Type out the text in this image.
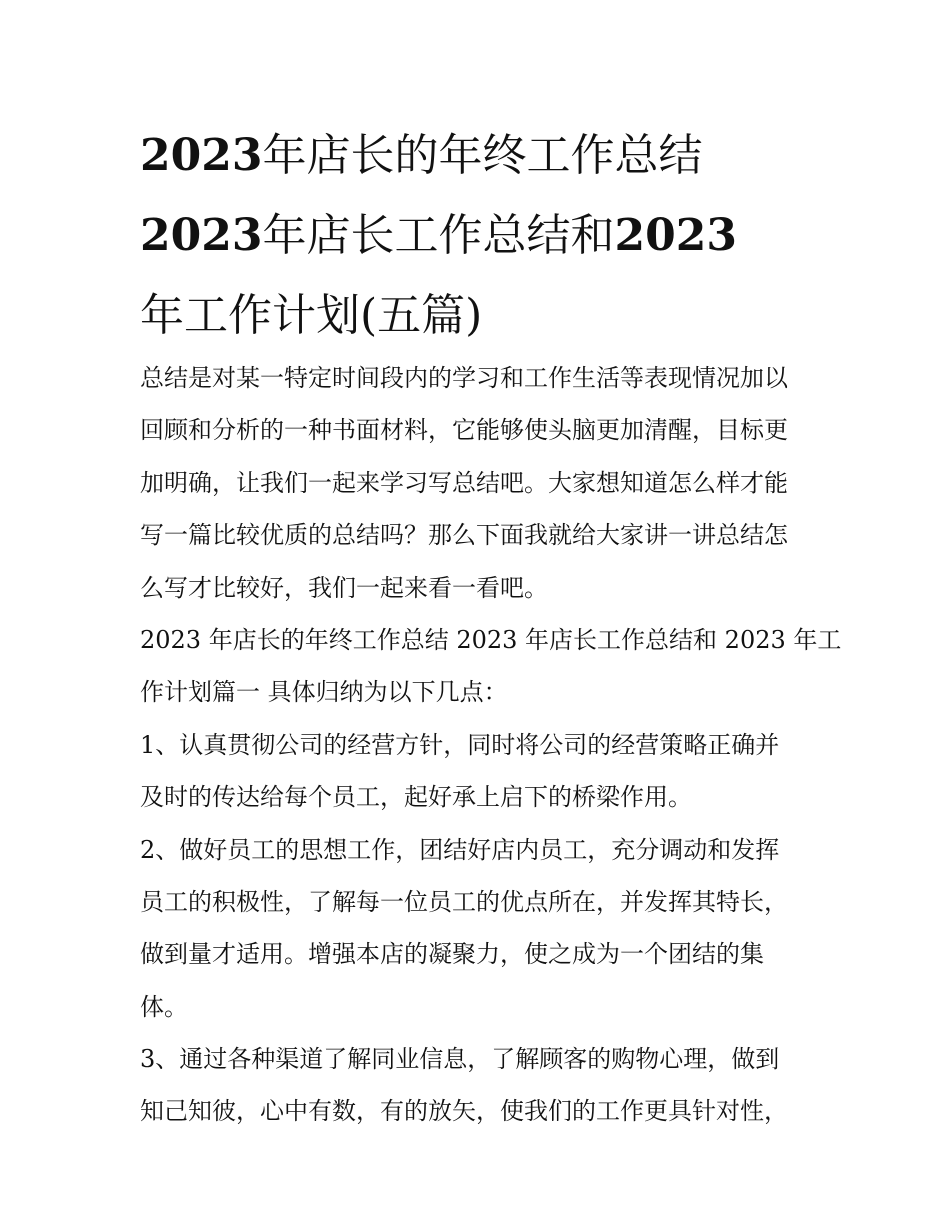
2023年店长的年终工作总结
2023年店长工作总结和2023
年工作计划(五篇)
总结是对某一特定时间段内的学习和工作生活等表现情况加以
回顾和分析的一种书面材料，它能够使头脑更加清醒，目标更
加明确，让我们一起来学习写总结吧。大家想知道怎么样才能
写一篇比较优质的总结吗？那么下面我就给大家讲一讲总结怎
么写才比较好，我们一起来看一看吧。
2023 年店长的年终工作总结 2023 年店长工作总结和 2023 年工
作计划篇一 具体归纳为以下几点：
1、认真贯彻公司的经营方针，同时将公司的经营策略正确并
及时的传达给每个员工，起好承上启下的桥梁作用。
2、做好员工的思想工作，团结好店内员工，充分调动和发挥
员工的积极性，了解每一位员工的优点所在，并发挥其特长，
做到量才适用。增强本店的凝聚力，使之成为一个团结的集
体。
3、通过各种渠道了解同业信息，了解顾客的购物心理，做到
知己知彼，心中有数，有的放矢，使我们的工作更具针对性，
